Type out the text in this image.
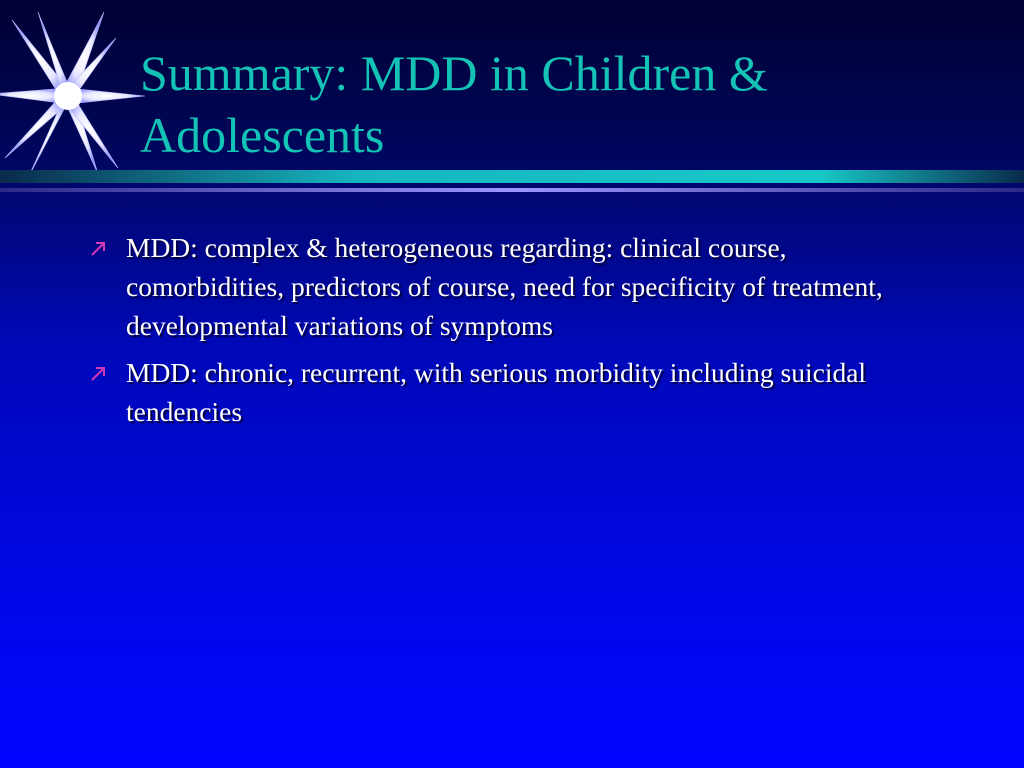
Summary: MDD in Children & Adolescents
MDD: complex & heterogeneous regarding: clinical course, comorbidities, predictors of course, need for specificity of treatment, developmental variations of symptoms
MDD: chronic, recurrent, with serious morbidity including suicidal tendencies
